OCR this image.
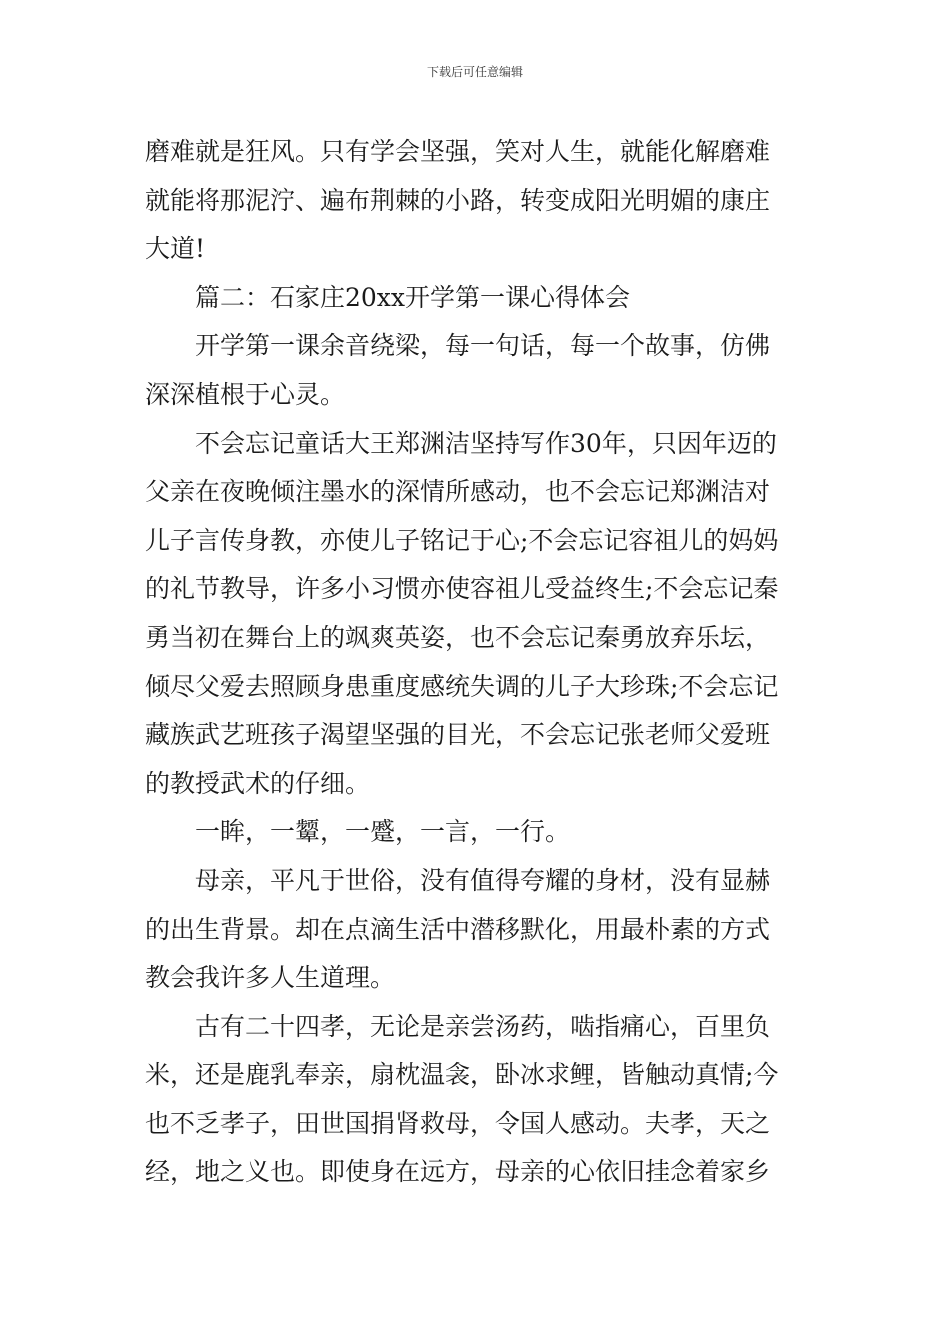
下载后可任意编辑

磨难就是狂风。只有学会坚强，笑对人生，就能化解磨难
就能将那泥泞、遍布荆棘的小路，转变成阳光明媚的康庄
大道!

篇二：石家庄20xx开学第一课心得体会

开学第一课余音绕梁，每一句话，每一个故事，仿佛
深深植根于心灵。

不会忘记童话大王郑渊洁坚持写作30年，只因年迈的
父亲在夜晚倾注墨水的深情所感动，也不会忘记郑渊洁对
儿子言传身教，亦使儿子铭记于心;不会忘记容祖儿的妈妈
的礼节教导，许多小习惯亦使容祖儿受益终生;不会忘记秦
勇当初在舞台上的飒爽英姿，也不会忘记秦勇放弃乐坛，
倾尽父爱去照顾身患重度感统失调的儿子大珍珠;不会忘记
藏族武艺班孩子渴望坚强的目光，不会忘记张老师父爱班
的教授武术的仔细。

一眸，一颦，一蹙，一言，一行。

母亲，平凡于世俗，没有值得夸耀的身材，没有显赫
的出生背景。却在点滴生活中潜移默化，用最朴素的方式
教会我许多人生道理。

古有二十四孝，无论是亲尝汤药，啮指痛心，百里负
米，还是鹿乳奉亲，扇枕温衾，卧冰求鲤，皆触动真情;今
也不乏孝子，田世国捐肾救母，令国人感动。夫孝，天之
经，地之义也。即使身在远方，母亲的心依旧挂念着家乡
